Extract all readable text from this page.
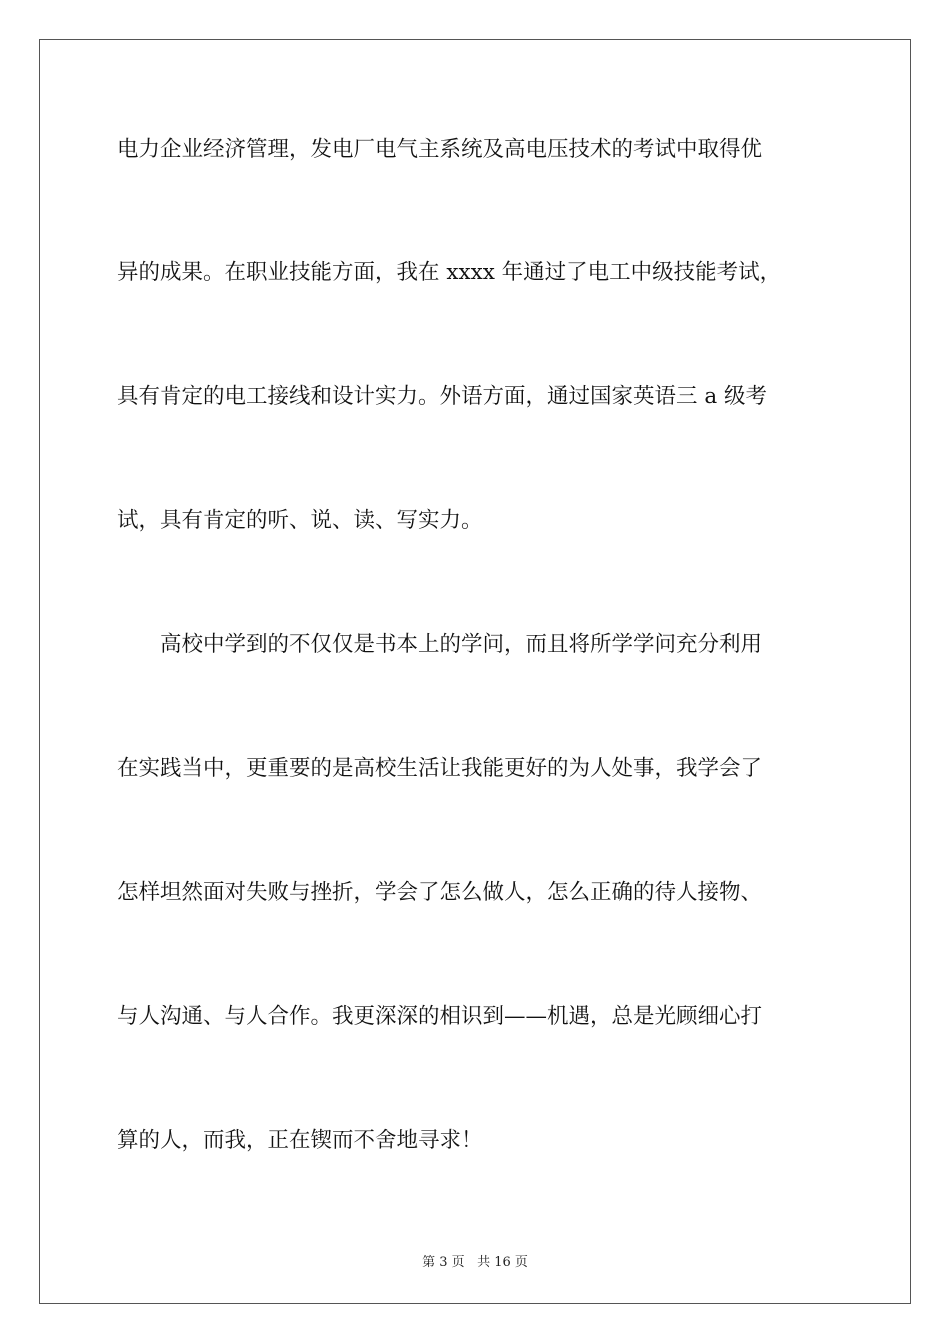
电力企业经济管理，发电厂电气主系统及高电压技术的考试中取得优

异的成果。在职业技能方面，我在 xxxx 年通过了电工中级技能考试，

具有肯定的电工接线和设计实力。外语方面，通过国家英语三 a 级考

试，具有肯定的听、说、读、写实力。

　　高校中学到的不仅仅是书本上的学问，而且将所学学问充分利用

在实践当中，更重要的是高校生活让我能更好的为人处事，我学会了

怎样坦然面对失败与挫折，学会了怎么做人，怎么正确的待人接物、

与人沟通、与人合作。我更深深的相识到——机遇，总是光顾细心打

算的人，而我，正在锲而不舍地寻求！

第 3 页 共 16 页
